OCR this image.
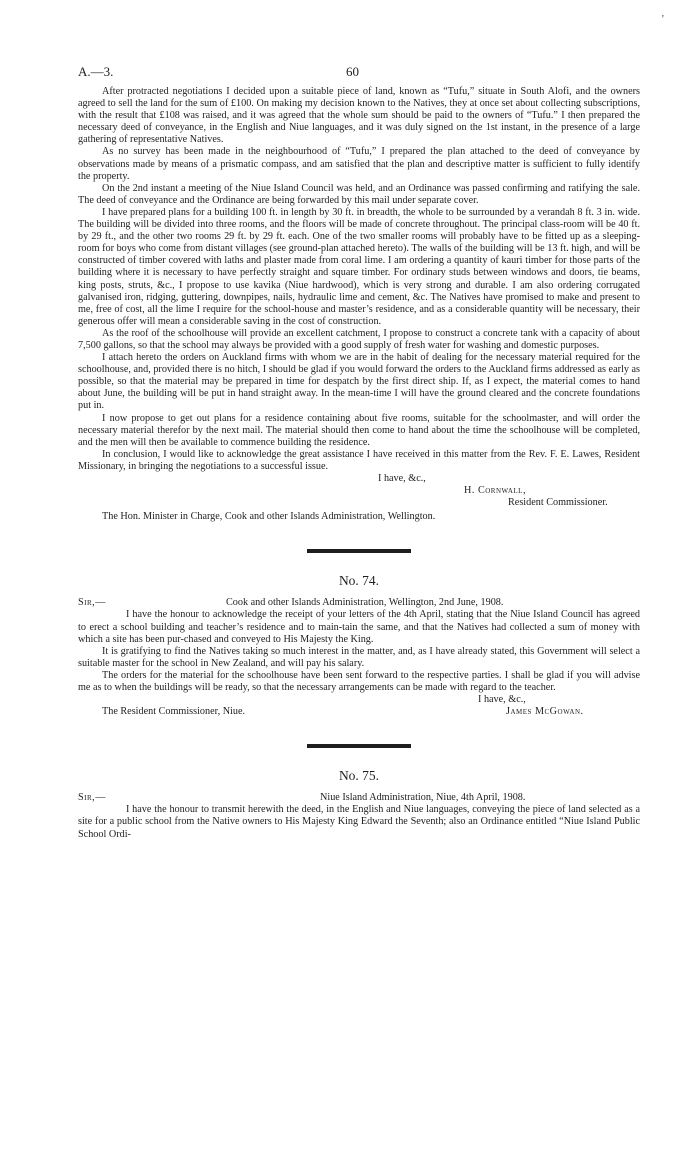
'
A.—3.	60

After protracted negotiations I decided upon a suitable piece of land, known as “Tufu,” situate in South Alofi, and the owners agreed to sell the land for the sum of £100. On making my decision known to the Natives, they at once set about collecting subscriptions, with the result that £108 was raised, and it was agreed that the whole sum should be paid to the owners of “Tufu.” I then prepared the necessary deed of conveyance, in the English and Niue languages, and it was duly signed on the 1st instant, in the presence of a large gathering of representative Natives.

As no survey has been made in the neighbourhood of “Tufu,” I prepared the plan attached to the deed of conveyance by observations made by means of a prismatic compass, and am satisfied that the plan and descriptive matter is sufficient to fully identify the property.

On the 2nd instant a meeting of the Niue Island Council was held, and an Ordinance was passed confirming and ratifying the sale. The deed of conveyance and the Ordinance are being forwarded by this mail under separate cover.

I have prepared plans for a building 100 ft. in length by 30 ft. in breadth, the whole to be surrounded by a verandah 8 ft. 3 in. wide. The building will be divided into three rooms, and the floors will be made of concrete throughout. The principal class-room will be 40 ft. by 29 ft., and the other two rooms 29 ft. by 29 ft. each. One of the two smaller rooms will probably have to be fitted up as a sleeping-room for boys who come from distant villages (see ground-plan attached hereto). The walls of the building will be 13 ft. high, and will be constructed of timber covered with laths and plaster made from coral lime. I am ordering a quantity of kauri timber for those parts of the building where it is necessary to have perfectly straight and square timber. For ordinary studs between windows and doors, tie beams, king posts, struts, &c., I propose to use kavika (Niue hardwood), which is very strong and durable. I am also ordering corrugated galvanised iron, ridging, guttering, downpipes, nails, hydraulic lime and cement, &c. The Natives have promised to make and present to me, free of cost, all the lime I require for the school-house and master’s residence, and as a considerable quantity will be necessary, their generous offer will mean a considerable saving in the cost of construction.

As the roof of the schoolhouse will provide an excellent catchment, I propose to construct a concrete tank with a capacity of about 7,500 gallons, so that the school may always be provided with a good supply of fresh water for washing and domestic purposes.

I attach hereto the orders on Auckland firms with whom we are in the habit of dealing for the necessary material required for the schoolhouse, and, provided there is no hitch, I should be glad if you would forward the orders to the Auckland firms addressed as early as possible, so that the material may be prepared in time for despatch by the first direct ship. If, as I expect, the material comes to hand about June, the building will be put in hand straight away. In the mean-time I will have the ground cleared and the concrete foundations put in.

I now propose to get out plans for a residence containing about five rooms, suitable for the schoolmaster, and will order the necessary material therefor by the next mail. The material should then come to hand about the time the schoolhouse will be completed, and the men will then be available to commence building the residence.

In conclusion, I would like to acknowledge the great assistance I have received in this matter from the Rev. F. E. Lawes, Resident Missionary, in bringing the negotiations to a successful issue.

I have, &c.,

H. Cornwall,

Resident Commissioner.

The Hon. Minister in Charge, Cook and other Islands Administration, Wellington.

No. 74.
Sir,—	Cook and other Islands Administration, Wellington, 2nd June, 1908.

I have the honour to acknowledge the receipt of your letters of the 4th April, stating that the Niue Island Council has agreed to erect a school building and teacher’s residence and to main-tain the same, and that the Natives had collected a sum of money with which a site has been pur-chased and conveyed to His Majesty the King.

It is gratifying to find the Natives taking so much interest in the matter, and, as I have already stated, this Government will select a suitable master for the school in New Zealand, and will pay his salary.

The orders for the material for the schoolhouse have been sent forward to the respective parties. I shall be glad if you will advise me as to when the buildings will be ready, so that the necessary arrangements can be made with regard to the teacher.

I have, &c.,

The Resident Commissioner, Niue.	James McGowan.
No. 75.
Sir,—	Niue Island Administration, Niue, 4th April, 1908.

I have the honour to transmit herewith the deed, in the English and Niue languages, conveying the piece of land selected as a site for a public school from the Native owners to His Majesty King Edward the Seventh; also an Ordinance entitled “Niue Island Public School Ordi-
